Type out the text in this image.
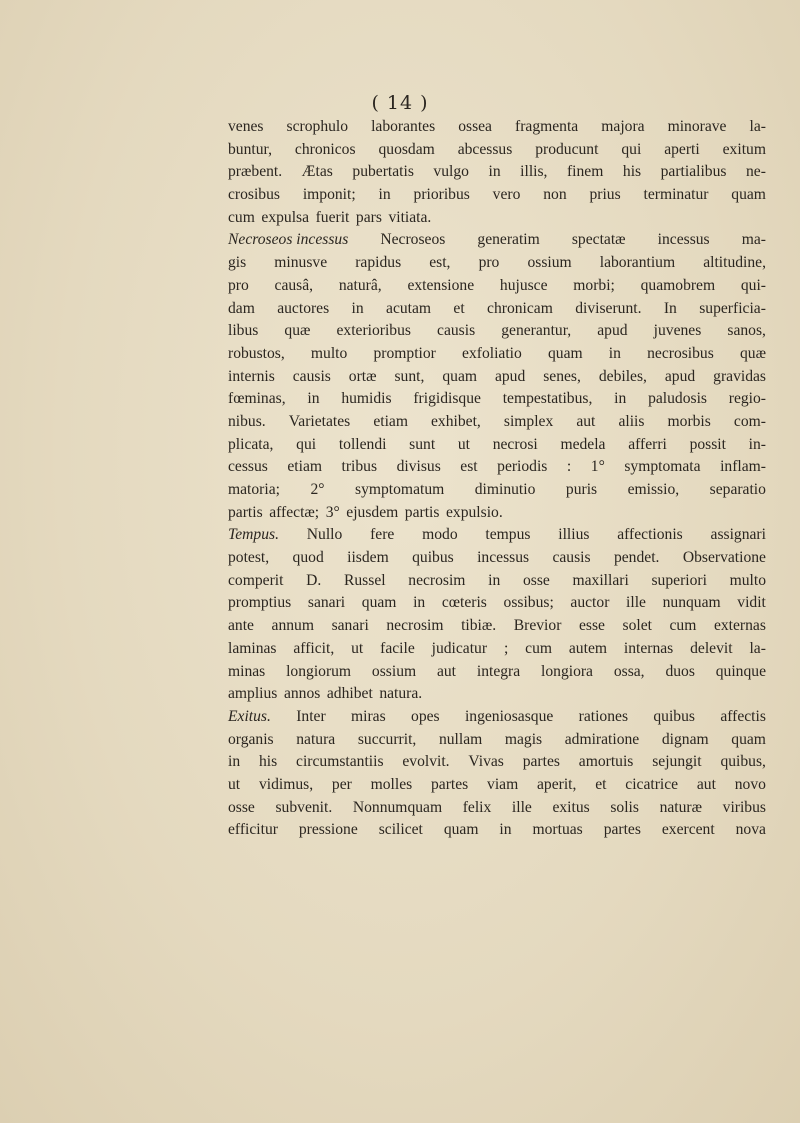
( 14 )
venes scrophulo laborantes ossea fragmenta majora minorave la-
buntur, chronicos quosdam abcessus producunt qui aperti exitum
præbent. Ætas pubertatis vulgo in illis, finem his partialibus ne-
crosibus imponit; in prioribus vero non prius terminatur quam
cum expulsa fuerit pars vitiata.
Necroseos incessus Necroseos generatim spectatæ incessus ma-
gis minusve rapidus est, pro ossium laborantium altitudine,
pro causâ, naturâ, extensione hujusce morbi; quamobrem qui-
dam auctores in acutam et chronicam diviserunt. In superficia-
libus quæ exterioribus causis generantur, apud juvenes sanos,
robustos, multo promptior exfoliatio quam in necrosibus quæ
internis causis ortæ sunt, quam apud senes, debiles, apud gravidas
fœminas, in humidis frigidisque tempestatibus, in paludosis regio-
nibus. Varietates etiam exhibet, simplex aut aliis morbis com-
plicata, qui tollendi sunt ut necrosi medela afferri possit in-
cessus etiam tribus divisus est periodis : 1° symptomata inflam-
matoria; 2° symptomatum diminutio puris emissio, separatio
partis affectæ; 3° ejusdem partis expulsio.
Tempus. Nullo fere modo tempus illius affectionis assignari
potest, quod iisdem quibus incessus causis pendet. Observatione
comperit D. Russel necrosim in osse maxillari superiori multo
promptius sanari quam in cœteris ossibus; auctor ille nunquam vidit
ante annum sanari necrosim tibiæ. Brevior esse solet cum externas
laminas afficit, ut facile judicatur ; cum autem internas delevit la-
minas longiorum ossium aut integra longiora ossa, duos quinque
amplius annos adhibet natura.
Exitus. Inter miras opes ingeniosasque rationes quibus affectis
organis natura succurrit, nullam magis admiratione dignam quam
in his circumstantiis evolvit. Vivas partes amortuis sejungit quibus,
ut vidimus, per molles partes viam aperit, et cicatrice aut novo
osse subvenit. Nonnumquam felix ille exitus solis naturæ viribus
efficitur pressione scilicet quam in mortuas partes exercent nova
